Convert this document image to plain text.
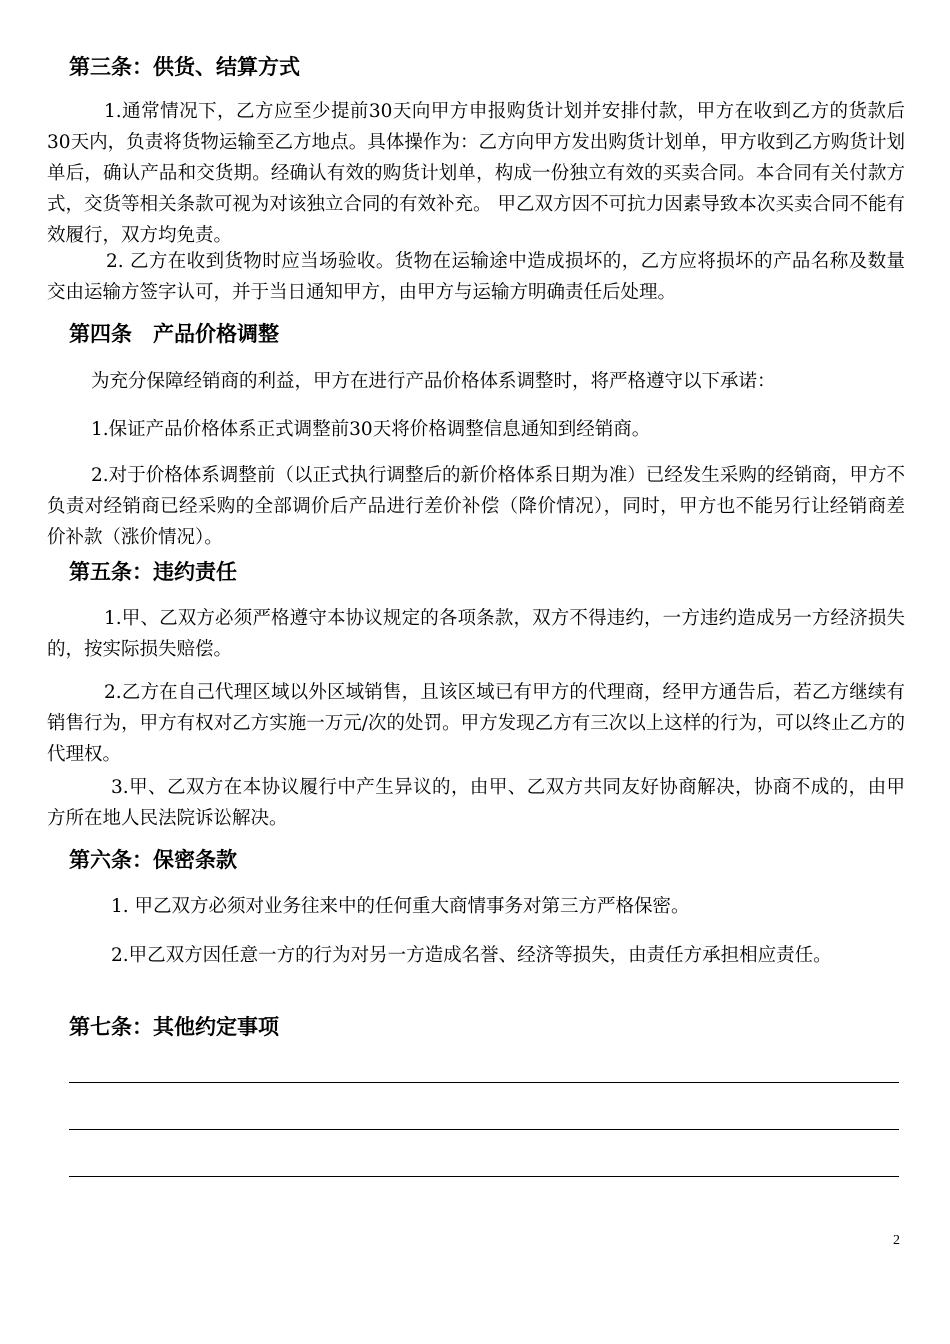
第三条：供货、结算方式

1.通常情况下，乙方应至少提前30天向甲方申报购货计划并安排付款，甲方在收到乙方的货款后30天内，负责将货物运输至乙方地点。具体操作为：乙方向甲方发出购货计划单，甲方收到乙方购货计划单后，确认产品和交货期。经确认有效的购货计划单，构成一份独立有效的买卖合同。本合同有关付款方式，交货等相关条款可视为对该独立合同的有效补充。 甲乙双方因不可抗力因素导致本次买卖合同不能有效履行，双方均免责。

2. 乙方在收到货物时应当场验收。货物在运输途中造成损坏的，乙方应将损坏的产品名称及数量交由运输方签字认可，并于当日通知甲方，由甲方与运输方明确责任后处理。

第四条　产品价格调整

为充分保障经销商的利益，甲方在进行产品价格体系调整时，将严格遵守以下承诺：

1.保证产品价格体系正式调整前30天将价格调整信息通知到经销商。

2.对于价格体系调整前（以正式执行调整后的新价格体系日期为准）已经发生采购的经销商，甲方不负责对经销商已经采购的全部调价后产品进行差价补偿（降价情况），同时，甲方也不能另行让经销商差价补款（涨价情况）。

第五条：违约责任

1.甲、乙双方必须严格遵守本协议规定的各项条款，双方不得违约，一方违约造成另一方经济损失的，按实际损失赔偿。

2.乙方在自己代理区域以外区域销售，且该区域已有甲方的代理商，经甲方通告后，若乙方继续有销售行为，甲方有权对乙方实施一万元/次的处罚。甲方发现乙方有三次以上这样的行为，可以终止乙方的代理权。

3.甲、乙双方在本协议履行中产生异议的，由甲、乙双方共同友好协商解决，协商不成的，由甲方所在地人民法院诉讼解决。

第六条：保密条款

1. 甲乙双方必须对业务往来中的任何重大商情事务对第三方严格保密。

2.甲乙双方因任意一方的行为对另一方造成名誉、经济等损失，由责任方承担相应责任。

第七条：其他约定事项
2
